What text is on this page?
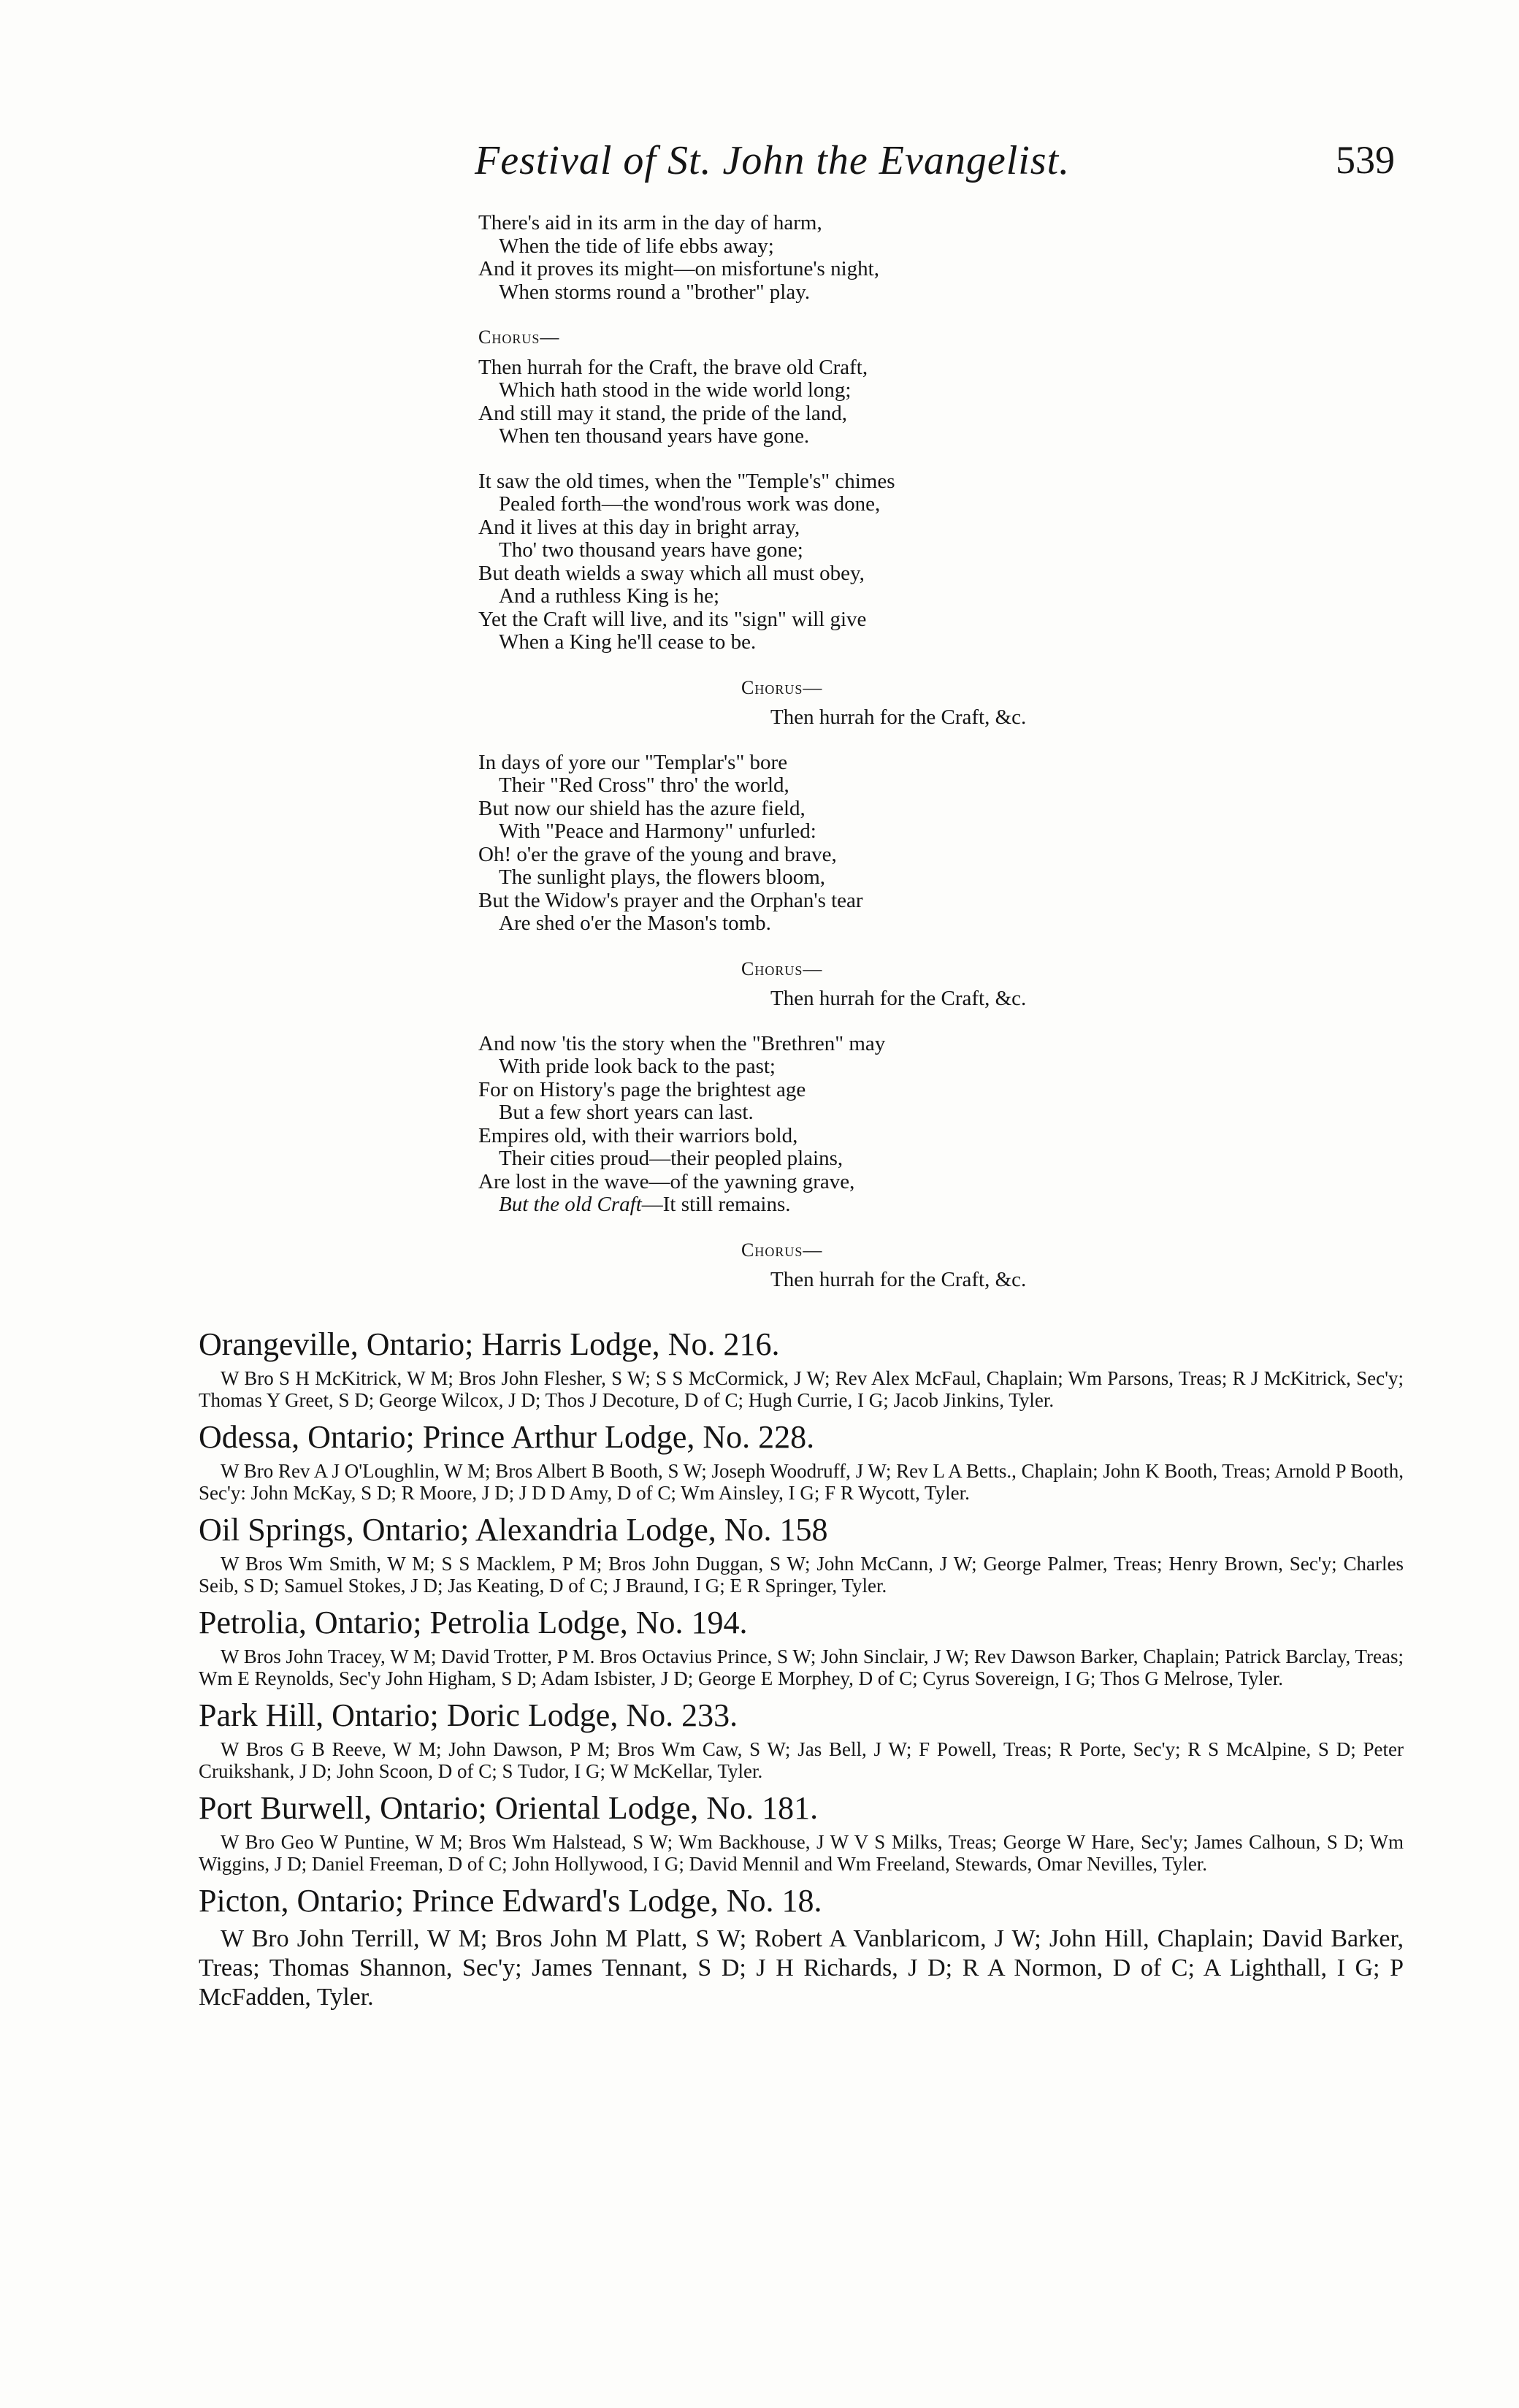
Festival of St. John the Evangelist.	539
There's aid in its arm in the day of harm,
When the tide of life ebbs away;
And it proves its might—on misfortune's night,
When storms round a "brother" play.
Chorus—
Then hurrah for the Craft, the brave old Craft,
Which hath stood in the wide world long;
And still may it stand, the pride of the land,
When ten thousand years have gone.
It saw the old times, when the "Temple's" chimes
Pealed forth—the wond'rous work was done,
And it lives at this day in bright array,
Tho' two thousand years have gone;
But death wields a sway which all must obey,
And a ruthless King is he;
Yet the Craft will live, and its "sign" will give
When a King he'll cease to be.
Chorus—
Then hurrah for the Craft, &c.
In days of yore our "Templar's" bore
Their "Red Cross" thro' the world,
But now our shield has the azure field,
With "Peace and Harmony" unfurled:
Oh! o'er the grave of the young and brave,
The sunlight plays, the flowers bloom,
But the Widow's prayer and the Orphan's tear
Are shed o'er the Mason's tomb.
Chorus—
Then hurrah for the Craft, &c.
And now 'tis the story when the "Brethren" may
With pride look back to the past;
For on History's page the brightest age
But a few short years can last.
Empires old, with their warriors bold,
Their cities proud—their peopled plains,
Are lost in the wave—of the yawning grave,
But the old Craft—It still remains.
Chorus—
Then hurrah for the Craft, &c.
Orangeville, Ontario; Harris Lodge, No. 216.
W Bro S H McKitrick, W M; Bros John Flesher, S W; S S McCormick, J W; Rev Alex McFaul, Chaplain; Wm Parsons, Treas; R J McKitrick, Sec'y; Thomas Y Greet, S D; George Wilcox, J D; Thos J Decoture, D of C; Hugh Currie, I G; Jacob Jinkins, Tyler.
Odessa, Ontario; Prince Arthur Lodge, No. 228.
W Bro Rev A J O'Loughlin, W M; Bros Albert B Booth, S W; Joseph Woodruff, J W; Rev L A Betts., Chaplain; John K Booth, Treas; Arnold P Booth, Sec'y: John McKay, S D; R Moore, J D; J D D Amy, D of C; Wm Ainsley, I G; F R Wycott, Tyler.
Oil Springs, Ontario; Alexandria Lodge, No. 158
W Bros Wm Smith, W M; S S Macklem, P M; Bros John Duggan, S W; John McCann, J W; George Palmer, Treas; Henry Brown, Sec'y; Charles Seib, S D; Samuel Stokes, J D; Jas Keating, D of C; J Braund, I G; E R Springer, Tyler.
Petrolia, Ontario; Petrolia Lodge, No. 194.
W Bros John Tracey, W M; David Trotter, P M. Bros Octavius Prince, S W; John Sinclair, J W; Rev Dawson Barker, Chaplain; Patrick Barclay, Treas; Wm E Reynolds, Sec'y John Higham, S D; Adam Isbister, J D; George E Morphey, D of C; Cyrus Sovereign, I G; Thos G Melrose, Tyler.
Park Hill, Ontario; Doric Lodge, No. 233.
W Bros G B Reeve, W M; John Dawson, P M; Bros Wm Caw, S W; Jas Bell, J W; F Powell, Treas; R Porte, Sec'y; R S McAlpine, S D; Peter Cruikshank, J D; John Scoon, D of C; S Tudor, I G; W McKellar, Tyler.
Port Burwell, Ontario; Oriental Lodge, No. 181.
W Bro Geo W Puntine, W M; Bros Wm Halstead, S W; Wm Backhouse, J W V S Milks, Treas; George W Hare, Sec'y; James Calhoun, S D; Wm Wiggins, J D; Daniel Freeman, D of C; John Hollywood, I G; David Mennil and Wm Freeland, Stewards, Omar Nevilles, Tyler.
Picton, Ontario; Prince Edward's Lodge, No. 18.
W Bro John Terrill, W M; Bros John M Platt, S W; Robert A Vanblaricom, J W; John Hill, Chaplain; David Barker, Treas; Thomas Shannon, Sec'y; James Tennant, S D; J H Richards, J D; R A Normon, D of C; A Lighthall, I G; P McFadden, Tyler.
